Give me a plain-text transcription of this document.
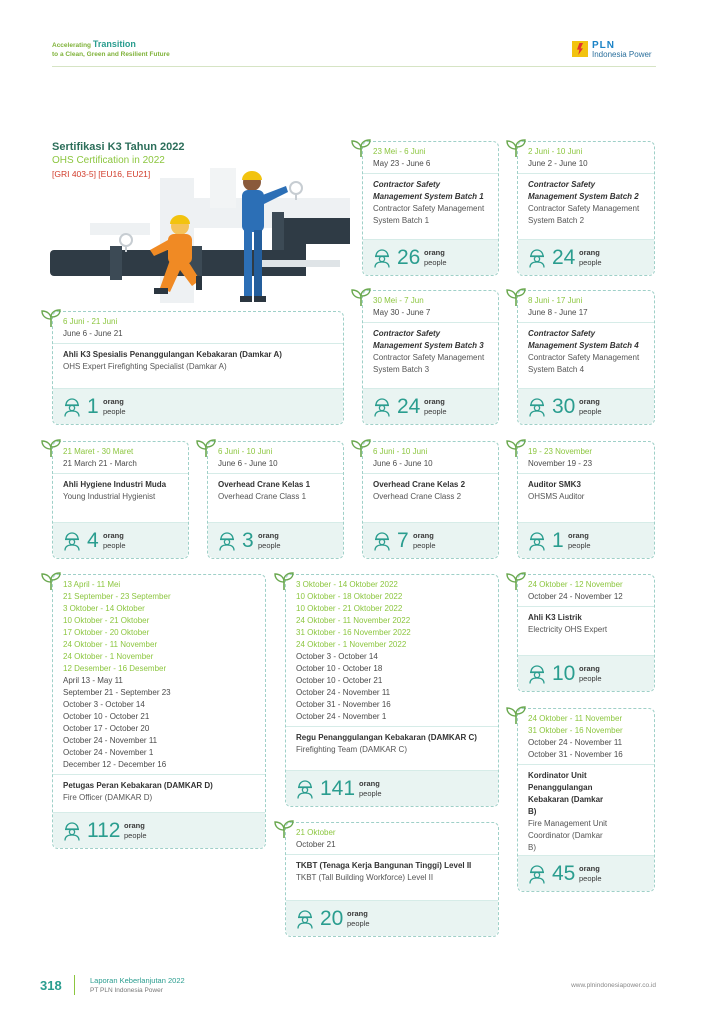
Accelerating Transition
to a Clean, Green and Resilient Future
PLN
Indonesia Power
Sertifikasi K3 Tahun 2022
OHS Certification in 2022
[GRI 403-5] [EU16, EU21]
23 Mei - 6 Juni
May 23 - June 6
Contractor Safety Management System Batch 1
Contractor Safety Management System Batch 1
26 orang
people
2 Juni - 10 Juni
June 2 - June 10
Contractor Safety Management System Batch 2
Contractor Safety Management System Batch 2
24 orang
people
6 Juni - 21 Juni
June 6 - June 21
Ahli K3 Spesialis Penanggulangan Kebakaran (Damkar A)
OHS Expert Firefighting Specialist (Damkar A)
1 orang
people
30 Mei - 7 Jun
May 30 - June 7
Contractor Safety Management System Batch 3
Contractor Safety Management System Batch 3
24 orang
people
8 Juni - 17 Juni
June 8 - June 17
Contractor Safety Management System Batch 4
Contractor Safety Management System Batch 4
30 orang
people
21 Maret - 30 Maret
21 March 21 - March
Ahli Hygiene Industri Muda
Young Industrial Hygienist
4 orang
people
6 Juni - 10 Juni
June 6 - June 10
Overhead Crane Kelas 1
Overhead Crane Class 1
3 orang
people
6 Juni - 10 Juni
June 6 - June 10
Overhead Crane Kelas 2
Overhead Crane Class 2
7 orang
people
19 - 23 November
November 19 - 23
Auditor SMK3
OHSMS Auditor
1 orang
people
13 April - 11 Mei
21 September - 23 September
3 Oktober - 14 Oktober
10 Oktober - 21 Oktober
17 Oktober - 20 Oktober
24 Oktober - 11 November
24 Oktober - 1 November
12 Desember - 16 Desember
April 13 - May 11
September 21 - September 23
October 3 - October 14
October 10 - October 21
October 17 - October 20
October 24 - November 11
October 24 - November 1
December 12 - December 16
Petugas Peran Kebakaran (DAMKAR D)
Fire Officer (DAMKAR D)
112 orang
people
3 Oktober - 14 Oktober 2022
10 Oktober - 18 Oktober 2022
10 Oktober - 21 Oktober 2022
24 Oktober - 11 November 2022
31 Oktober - 16 November 2022
24 Oktober - 1 November 2022
October 3 - October 14
October 10 - October 18
October 10 - October 21
October 24 - November 11
October 31 - November 16
October 24 - November 1
Regu Penanggulangan Kebakaran (DAMKAR C)
Firefighting Team (DAMKAR C)
141 orang
people
24 Oktober - 12 November
October 24 - November 12
Ahli K3 Listrik
Electricity OHS Expert
10 orang
people
24 Oktober - 11 November
31 Oktober - 16 November
October 24 - November 11
October 31 - November 16
Kordinator Unit Penanggulangan Kebakaran (Damkar B)
Fire Management Unit Coordinator (Damkar B)
45 orang
people
21 Oktober
October 21
TKBT (Tenaga Kerja Bangunan Tinggi) Level II
TKBT (Tall Building Workforce) Level II
20 orang
people
318	Laporan Keberlanjutan 2022
PT PLN Indonesia Power
www.plnindonesiapower.co.id
